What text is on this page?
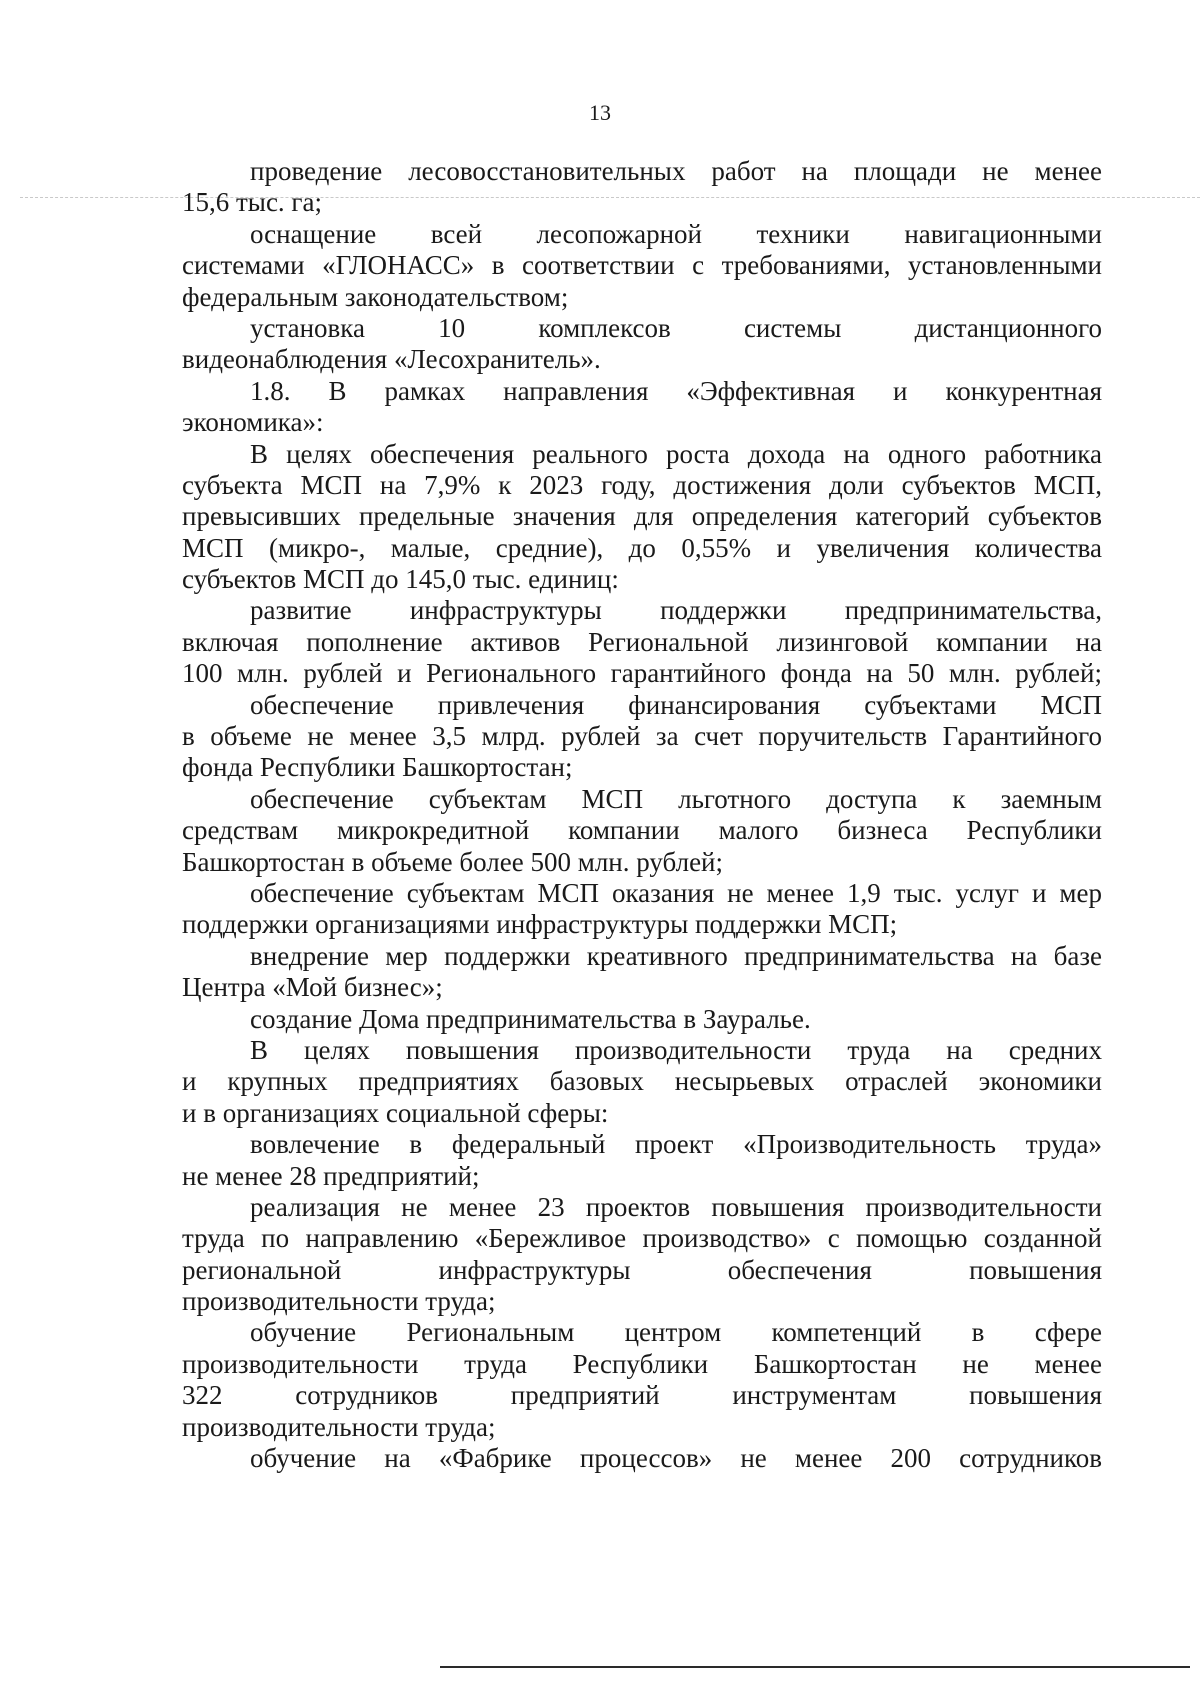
13
проведение лесовосстановительных работ на площади не менее
15,6 тыс. га;
оснащение всей лесопожарной техники навигационными
системами «ГЛОНАСС» в соответствии с требованиями, установленными
федеральным законодательством;
установка 10 комплексов системы дистанционного
видеонаблюдения «Лесохранитель».
1.8. В рамках направления «Эффективная и конкурентная
экономика»:
В целях обеспечения реального роста дохода на одного работника
субъекта МСП на 7,9% к 2023 году, достижения доли субъектов МСП,
превысивших предельные значения для определения категорий субъектов
МСП (микро-, малые, средние), до 0,55% и увеличения количества
субъектов МСП до 145,0 тыс. единиц:
развитие инфраструктуры поддержки предпринимательства,
включая пополнение активов Региональной лизинговой компании на
100 млн. рублей и Регионального гарантийного фонда на 50 млн. рублей;
обеспечение привлечения финансирования субъектами МСП
в объеме не менее 3,5 млрд. рублей за счет поручительств Гарантийного
фонда Республики Башкортостан;
обеспечение субъектам МСП льготного доступа к заемным
средствам микрокредитной компании малого бизнеса Республики
Башкортостан в объеме более 500 млн. рублей;
обеспечение субъектам МСП оказания не менее 1,9 тыс. услуг и мер
поддержки организациями инфраструктуры поддержки МСП;
внедрение мер поддержки креативного предпринимательства на базе
Центра «Мой бизнес»;
создание Дома предпринимательства в Зауралье.
В целях повышения производительности труда на средних
и крупных предприятиях базовых несырьевых отраслей экономики
и в организациях социальной сферы:
вовлечение в федеральный проект «Производительность труда»
не менее 28 предприятий;
реализация не менее 23 проектов повышения производительности
труда по направлению «Бережливое производство» с помощью созданной
региональной инфраструктуры обеспечения повышения
производительности труда;
обучение Региональным центром компетенций в сфере
производительности труда Республики Башкортостан не менее
322 сотрудников предприятий инструментам повышения
производительности труда;
обучение на «Фабрике процессов» не менее 200 сотрудников
